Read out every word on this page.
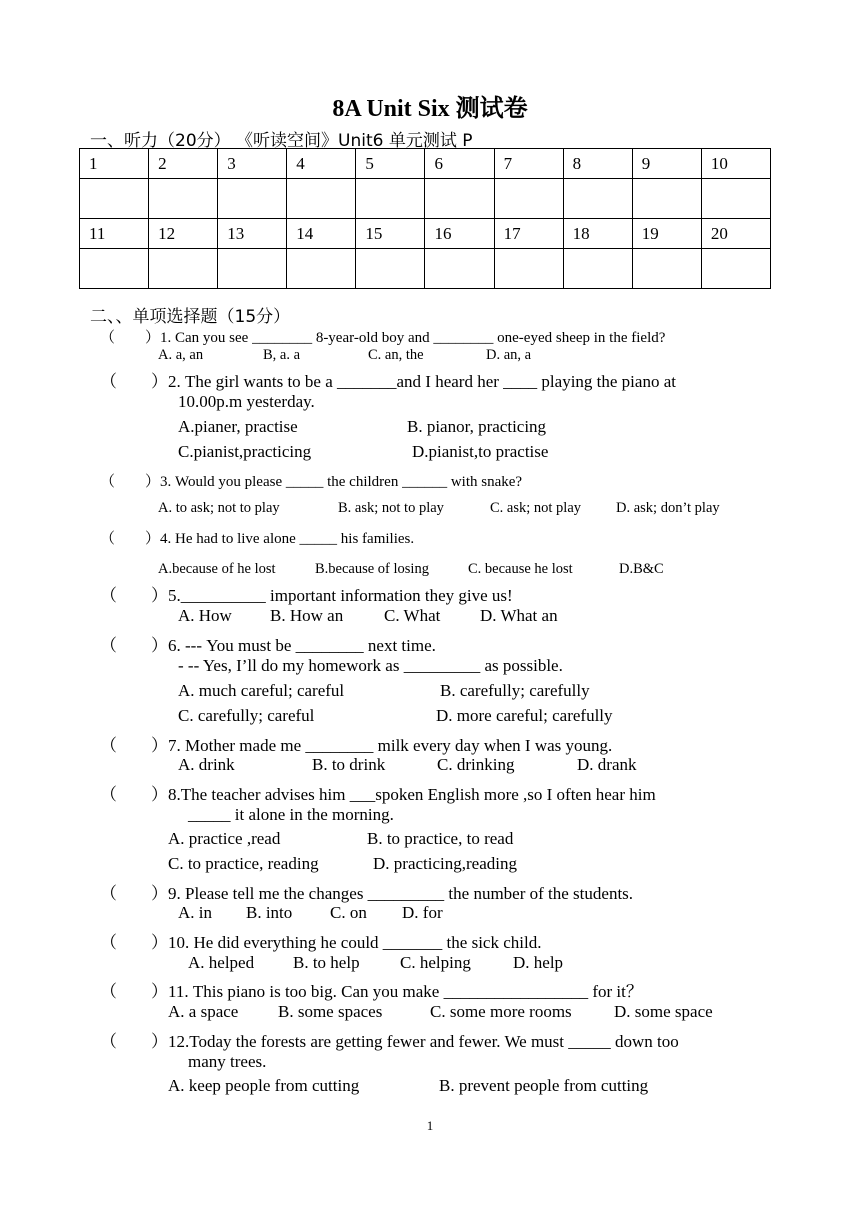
8A Unit Six 测试卷
一、听力（20分） 《听读空间》Unit6 单元测试 P
1	2	3	4	5	6	7	8	9	10

11	12	13	14	15	16	17	18	19	20

二、、单项选择题（15分）
（　　）1. Can you see ________ 8-year-old boy and ________ one-eyed sheep in the field?
A. a, an	B, a. a	C. an, the	D. an, a
（　　）2. The girl wants to be a _______and I heard her ____ playing the piano at
10.00p.m yesterday.
A.pianer, practise	B. pianor, practicing
C.pianist,practicing	D.pianist,to practise
（　　）3. Would you please _____ the children ______ with snake?
A. to ask; not to play	B. ask; not to play	C. ask; not play D. ask; don’t play
（　　）4. He had to live alone _____ his families.
A.because of he lost	B.because of losing	C. because he lost	D.B&C
（　　）5.__________ important information they give us!
A. How B. How an C. What D. What an
（　　）6. --- You must be ________ next time.
- -- Yes, I’ll do my homework as _________ as possible.
A. much careful; careful	B. carefully; carefully
C. carefully; careful	D. more careful; carefully
（　　）7. Mother made me ________ milk every day when I was young.
A. drink	B. to drink	C. drinking	D. drank
（　　）8.The teacher advises him ___spoken English more ,so I often hear him
_____ it alone in the morning.
A. practice ,read	B. to practice, to read
C. to practice, reading	D. practicing,reading
（　　）9. Please tell me the changes _________ the number of the students.
A. in B. into C. on D. for
（　　）10. He did everything he could _______ the sick child.
A. helped B. to help C. helping D. help
（　　）11. This piano is too big. Can you make _________________ for it？
A. a space B. some spaces	C. some more rooms D. some space
（　　）12.Today the forests are getting fewer and fewer. We must _____ down too
many trees.
A. keep people from cutting	B. prevent people from cutting
1
